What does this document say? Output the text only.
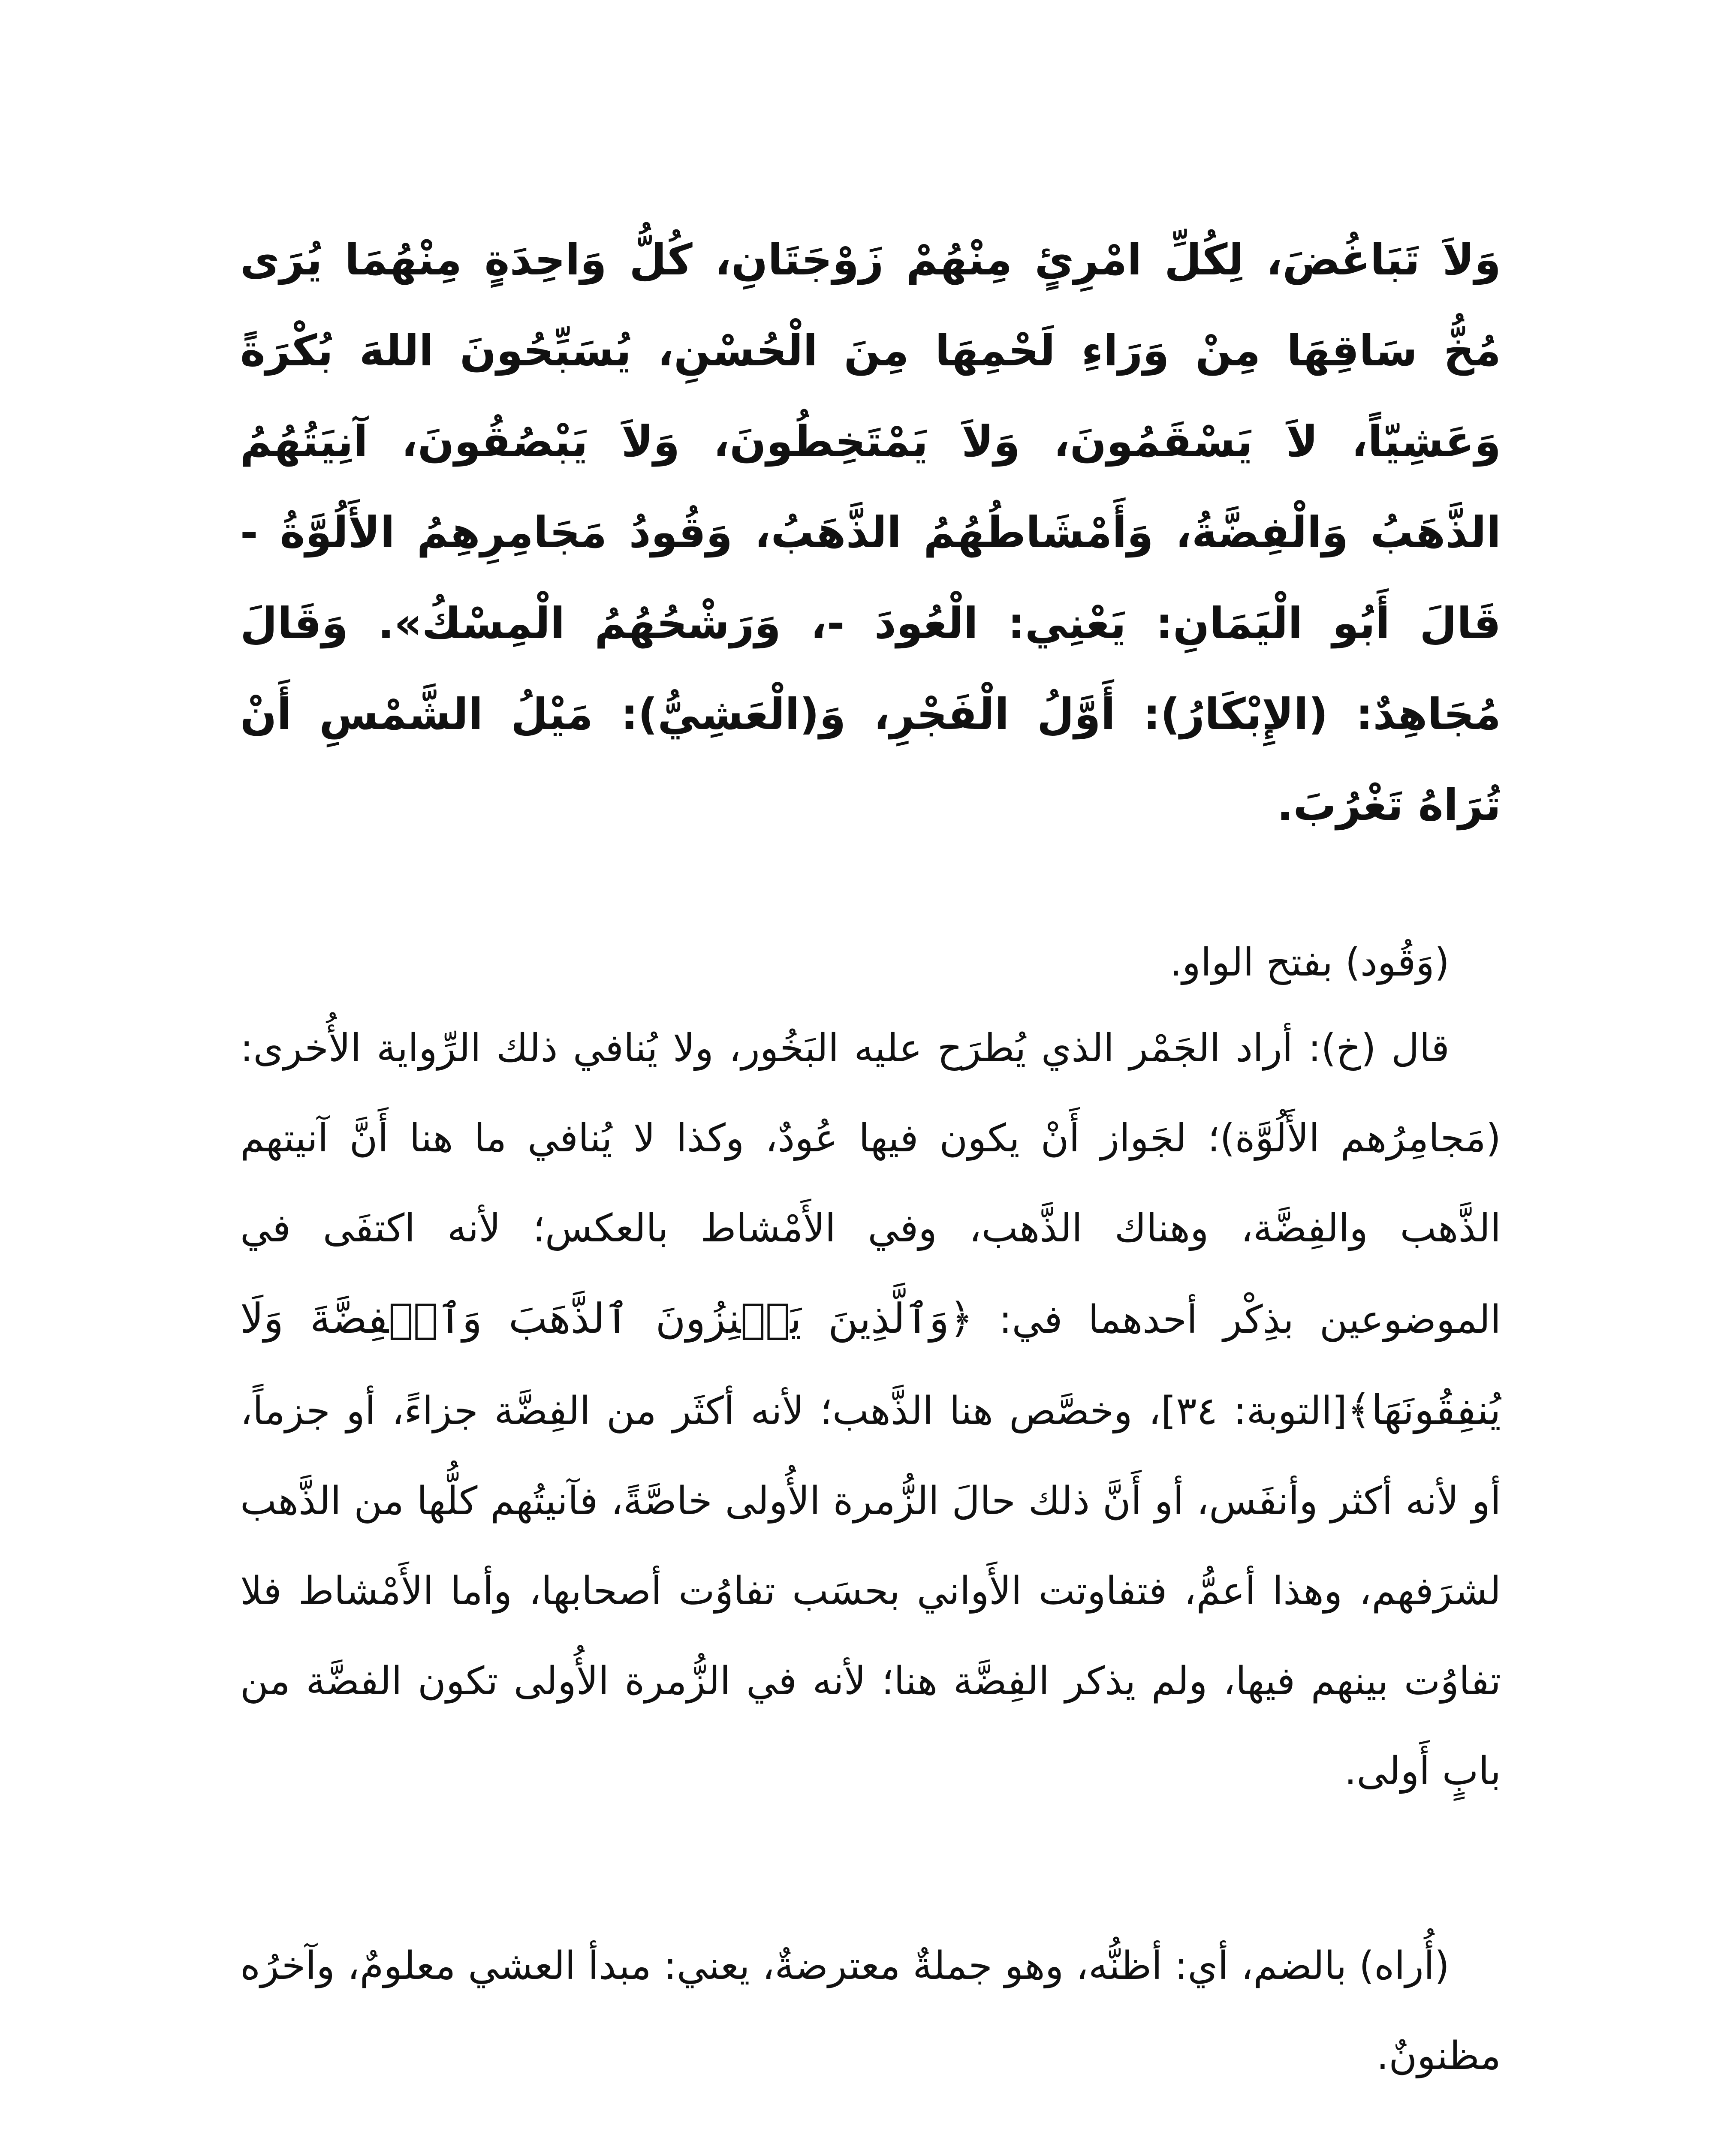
وَلاَ تَبَاغُضَ، لِكُلِّ امْرِئٍ مِنْهُمْ زَوْجَتَانِ، كُلُّ وَاحِدَةٍ مِنْهُمَا يُرَى مُخُّ سَاقِهَا مِنْ وَرَاءِ لَحْمِهَا مِنَ الْحُسْنِ، يُسَبِّحُونَ اللهَ بُكْرَةً وَعَشِيّاً، لاَ يَسْقَمُونَ، وَلاَ يَمْتَخِطُونَ، وَلاَ يَبْصُقُونَ، آنِيَتُهُمُ الذَّهَبُ وَالْفِضَّةُ، وَأَمْشَاطُهُمُ الذَّهَبُ، وَقُودُ مَجَامِرِهِمُ الأَلُوَّةُ - قَالَ أَبُو الْيَمَانِ: يَعْنِي: الْعُودَ -، وَرَشْحُهُمُ الْمِسْكُ». وَقَالَ مُجَاهِدٌ: (الإِبْكَارُ): أَوَّلُ الْفَجْرِ، وَ(الْعَشِيُّ): مَيْلُ الشَّمْسِ أَنْ تُرَاهُ تَغْرُبَ.

(وَقُود) بفتح الواو.

قال (خ): أراد الجَمْر الذي يُطرَح عليه البَخُور، ولا يُنافي ذلك الرِّواية الأُخرى: (مَجامِرُهم الأَلُوَّة)؛ لجَواز أَنْ يكون فيها عُودٌ، وكذا لا يُنافي ما هنا أَنَّ آنيتهم الذَّهب والفِضَّة، وهناك الذَّهب، وفي الأَمْشاط بالعكس؛ لأنه اكتفَى في الموضوعين بذِكْر أحدهما في: ﴿وَٱلَّذِينَ يَكۡنِزُونَ ٱلذَّهَبَ وَٱلۡفِضَّةَ وَلَا يُنفِقُونَهَا﴾[التوبة: ٣٤]، وخصَّص هنا الذَّهب؛ لأنه أكثَر من الفِضَّة جزاءً، أو جزماً، أو لأنه أكثر وأنفَس، أو أَنَّ ذلك حالَ الزُّمرة الأُولى خاصَّةً، فآنيتُهم كلُّها من الذَّهب لشرَفهم، وهذا أعمُّ، فتفاوتت الأَواني بحسَب تفاوُت أصحابها، وأما الأَمْشاط فلا تفاوُت بينهم فيها، ولم يذكر الفِضَّة هنا؛ لأنه في الزُّمرة الأُولى تكون الفضَّة من بابٍ أَولى.

(أُراه) بالضم، أي: أظنُّه، وهو جملةٌ معترضةٌ، يعني: مبدأ العشي معلومٌ، وآخرُه مظنونٌ.
